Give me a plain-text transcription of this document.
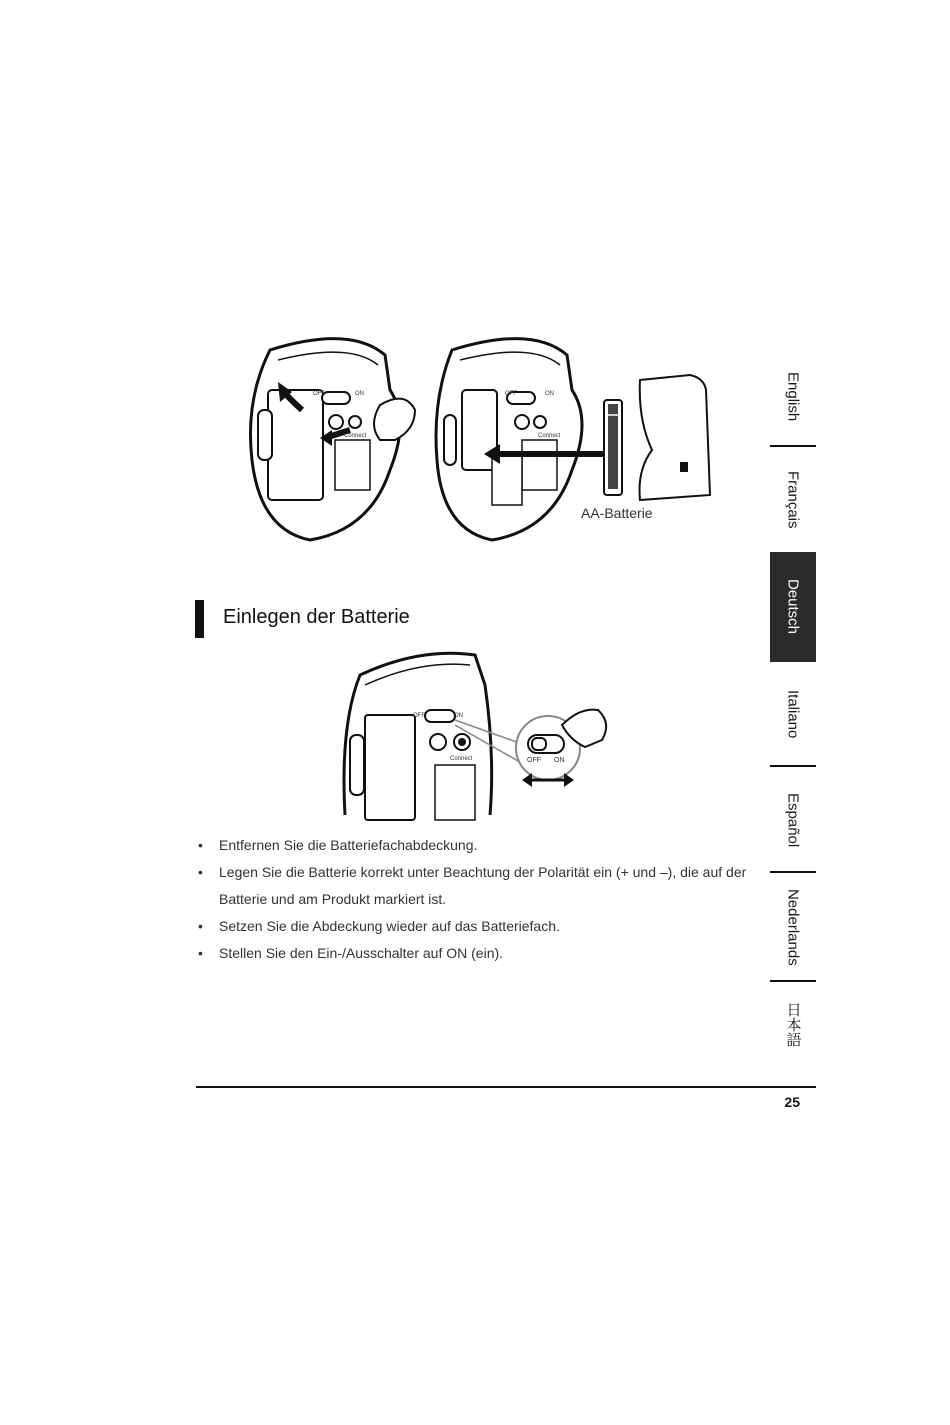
OFF	ON
Connect
OFF	ON
Connect
AA-Batterie
Einlegen der Batterie
OFF	ON
Connect	OFF ON
• Entfernen Sie die Batteriefachabdeckung.
• Legen Sie die Batterie korrekt unter Beachtung der Polarität ein (+ und –), die auf der Batterie und am Produkt markiert ist.
• Setzen Sie die Abdeckung wieder auf das Batteriefach.
• Stellen Sie den Ein-/Ausschalter auf ON (ein).
English
Français
Deutsch
Italiano
Español
Nederlands
日本語
25
